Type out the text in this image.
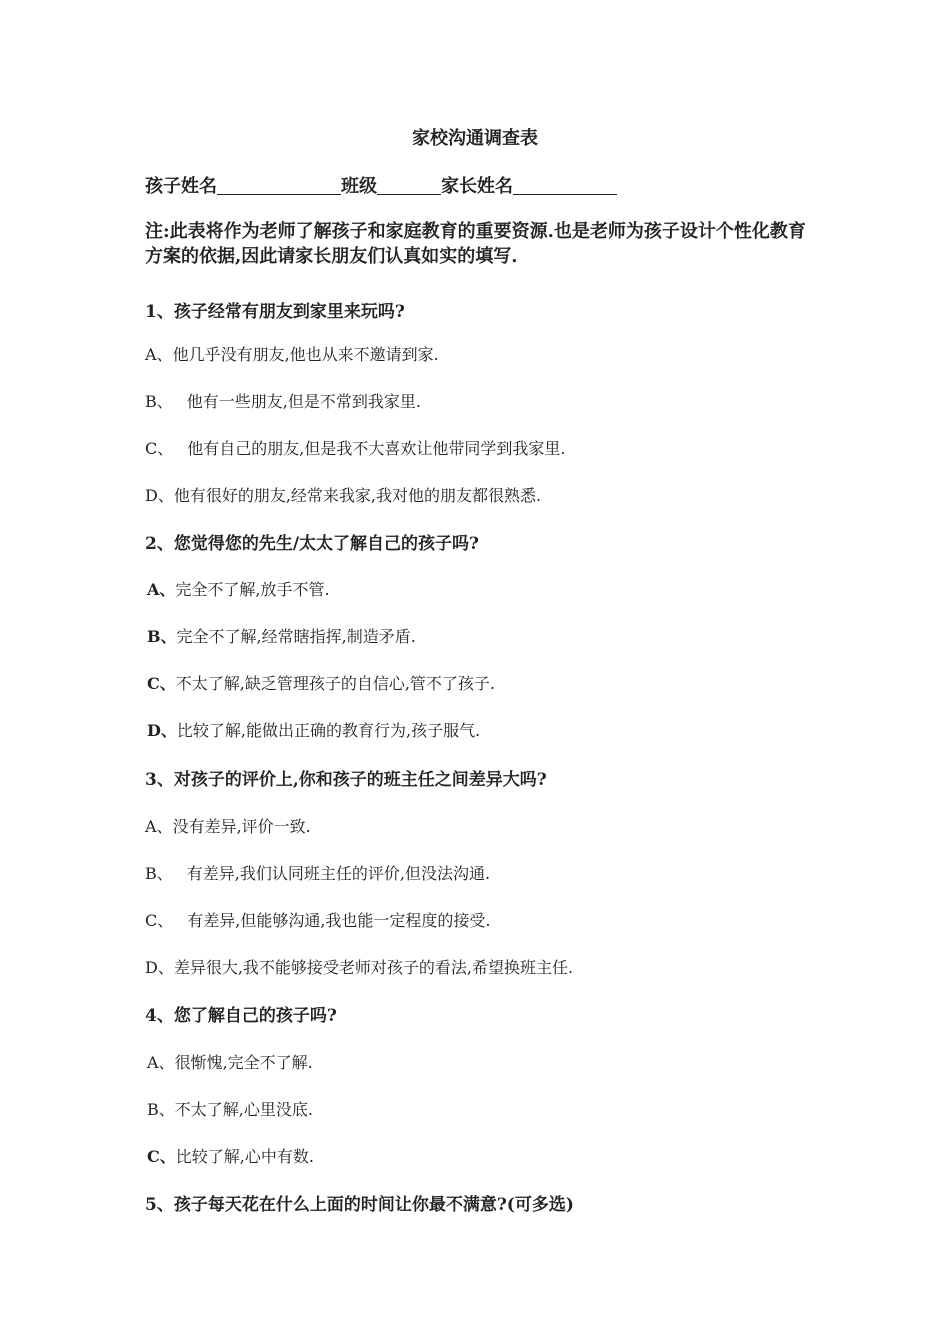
家校沟通调查表
孩子姓名	班级	家长姓名
注:此表将作为老师了解孩子和家庭教育的重要资源.也是老师为孩子设计个性化教育方案的依据,因此请家长朋友们认真如实的填写.
1、孩子经常有朋友到家里来玩吗?
A、他几乎没有朋友,他也从来不邀请到家.
B、 他有一些朋友,但是不常到我家里.
C、 他有自己的朋友,但是我不大喜欢让他带同学到我家里.
D、他有很好的朋友,经常来我家,我对他的朋友都很熟悉.
2、您觉得您的先生/太太了解自己的孩子吗?
A、完全不了解,放手不管.
B、完全不了解,经常瞎指挥,制造矛盾.
C、不太了解,缺乏管理孩子的自信心,管不了孩子.
D、比较了解,能做出正确的教育行为,孩子服气.
3、对孩子的评价上,你和孩子的班主任之间差异大吗?
A、没有差异,评价一致.
B、 有差异,我们认同班主任的评价,但没法沟通.
C、 有差异,但能够沟通,我也能一定程度的接受.
D、差异很大,我不能够接受老师对孩子的看法,希望换班主任.
4、您了解自己的孩子吗?
A、很惭愧,完全不了解.
B、不太了解,心里没底.
C、比较了解,心中有数.
5、孩子每天花在什么上面的时间让你最不满意?(可多选)
